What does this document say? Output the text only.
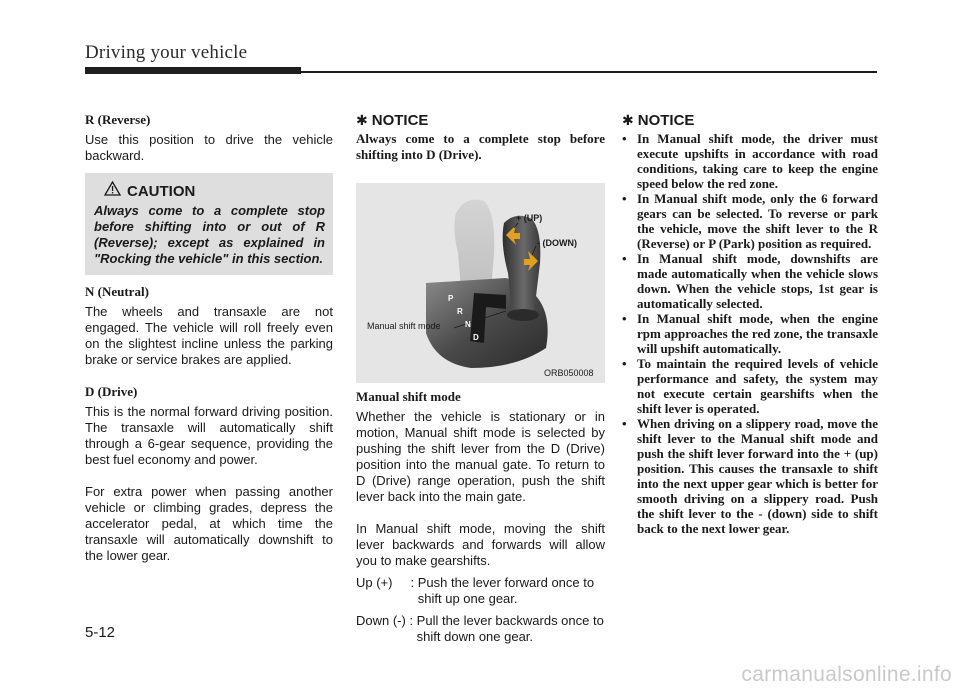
Driving your vehicle

R (Reverse)

Use this position to drive the vehicle backward.

CAUTION

Always come to a complete stop before shifting into or out of R (Reverse); except as explained in "Rocking the vehicle" in this section.

N (Neutral)

The wheels and transaxle are not engaged. The vehicle will roll freely even on the slightest incline unless the parking brake or service brakes are applied.

D (Drive)

This is the normal forward driving position. The transaxle will automatically shift through a 6-gear sequence, providing the best fuel economy and power.

For extra power when passing another vehicle or climbing grades, depress the accelerator pedal, at which time the transaxle will automatically downshift to the lower gear.

✱ NOTICE

Always come to a complete stop before shifting into D (Drive).

P
R
N
D
+ (UP)
- (DOWN)
Manual shift mode
ORB050008

Manual shift mode

Whether the vehicle is stationary or in motion, Manual shift mode is selected by pushing the shift lever from the D (Drive) position into the manual gate. To return to D (Drive) range operation, push the shift lever back into the main gate.

In Manual shift mode, moving the shift lever backwards and forwards will allow you to make gearshifts.

Up (+)     : Push the lever forward once to shift up one gear.
Down (-) : Pull the lever backwards once to shift down one gear.
✱ NOTICE
• In Manual shift mode, the driver must execute upshifts in accordance with road conditions, taking care to keep the engine speed below the red zone.
• In Manual shift mode, only the 6 forward gears can be selected. To reverse or park the vehicle, move the shift lever to the R (Reverse) or P (Park) position as required.
• In Manual shift mode, downshifts are made automatically when the vehicle slows down. When the vehicle stops, 1st gear is automatically selected.
• In Manual shift mode, when the engine rpm approaches the red zone, the transaxle will upshift automatically.
• To maintain the required levels of vehicle performance and safety, the system may not execute certain gearshifts when the shift lever is operated.
• When driving on a slippery road, move the shift lever to the Manual shift mode and push the shift lever forward into the + (up) position. This causes the transaxle to shift into the next upper gear which is better for smooth driving on a slippery road. Push the shift lever to the - (down) side to shift back to the next lower gear.

5-12

carmanualsonline.info
